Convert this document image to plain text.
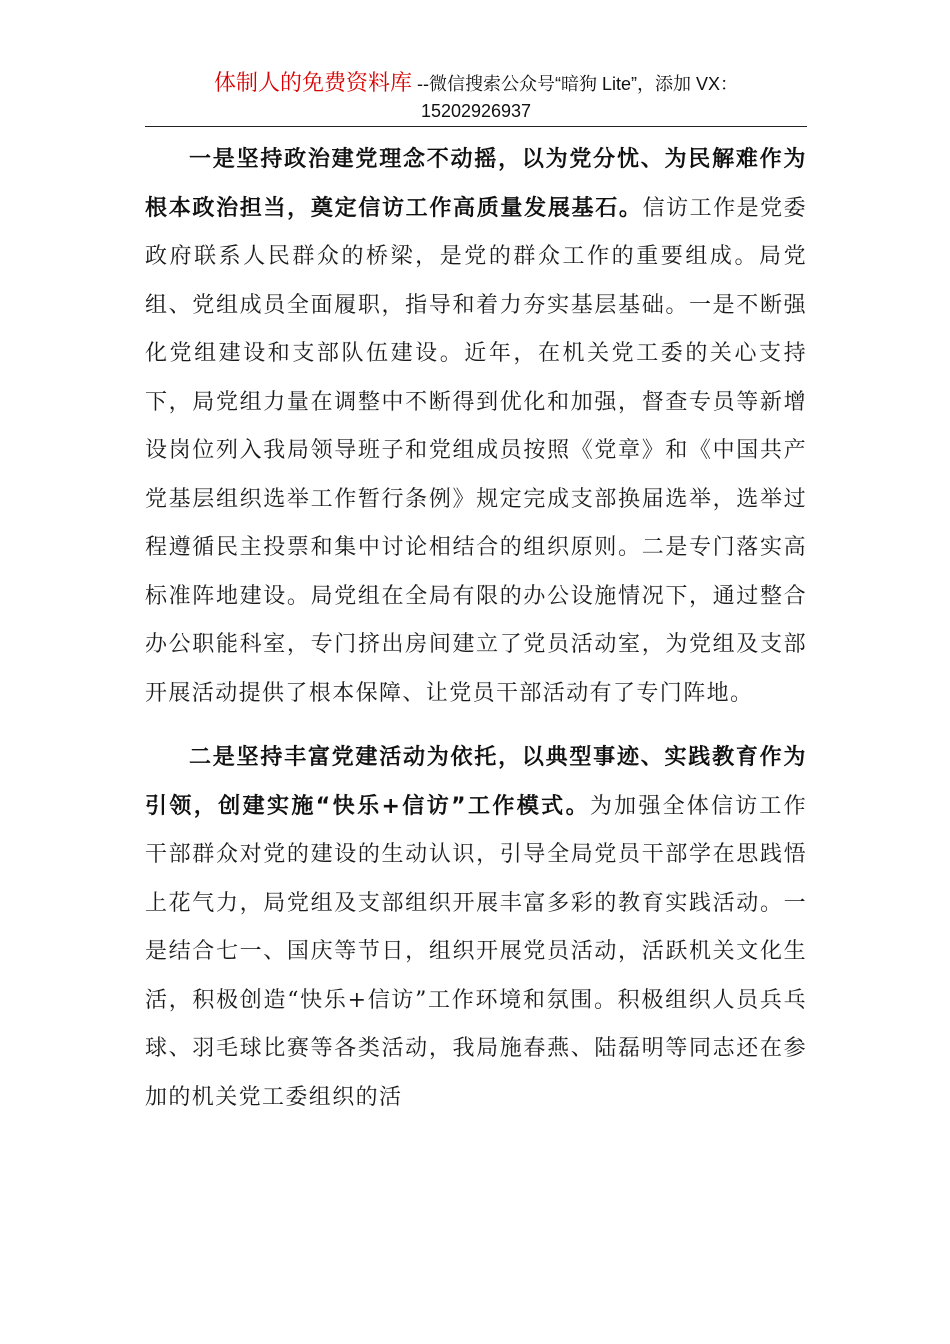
体制人的免费资料库 --微信搜索公众号“暗狗 Lite”，添加 VX：
15202926937

一是坚持政治建党理念不动摇，以为党分忧、为民解难作为根本政治担当，奠定信访工作高质量发展基石。信访工作是党委政府联系人民群众的桥梁，是党的群众工作的重要组成。局党组、党组成员全面履职，指导和着力夯实基层基础。一是不断强化党组建设和支部队伍建设。近年，在机关党工委的关心支持下，局党组力量在调整中不断得到优化和加强，督查专员等新增设岗位列入我局领导班子和党组成员按照《党章》和《中国共产党基层组织选举工作暂行条例》规定完成支部换届选举，选举过程遵循民主投票和集中讨论相结合的组织原则。二是专门落实高标准阵地建设。局党组在全局有限的办公设施情况下，通过整合办公职能科室，专门挤出房间建立了党员活动室，为党组及支部开展活动提供了根本保障、让党员干部活动有了专门阵地。

二是坚持丰富党建活动为依托，以典型事迹、实践教育作为引领，创建实施“快乐+信访”工作模式。为加强全体信访工作干部群众对党的建设的生动认识，引导全局党员干部学在思践悟上花气力，局党组及支部组织开展丰富多彩的教育实践活动。一是结合七一、国庆等节日，组织开展党员活动，活跃机关文化生活，积极创造“快乐+信访”工作环境和氛围。积极组织人员兵乓球、羽毛球比赛等各类活动，我局施春燕、陆磊明等同志还在参加的机关党工委组织的活
